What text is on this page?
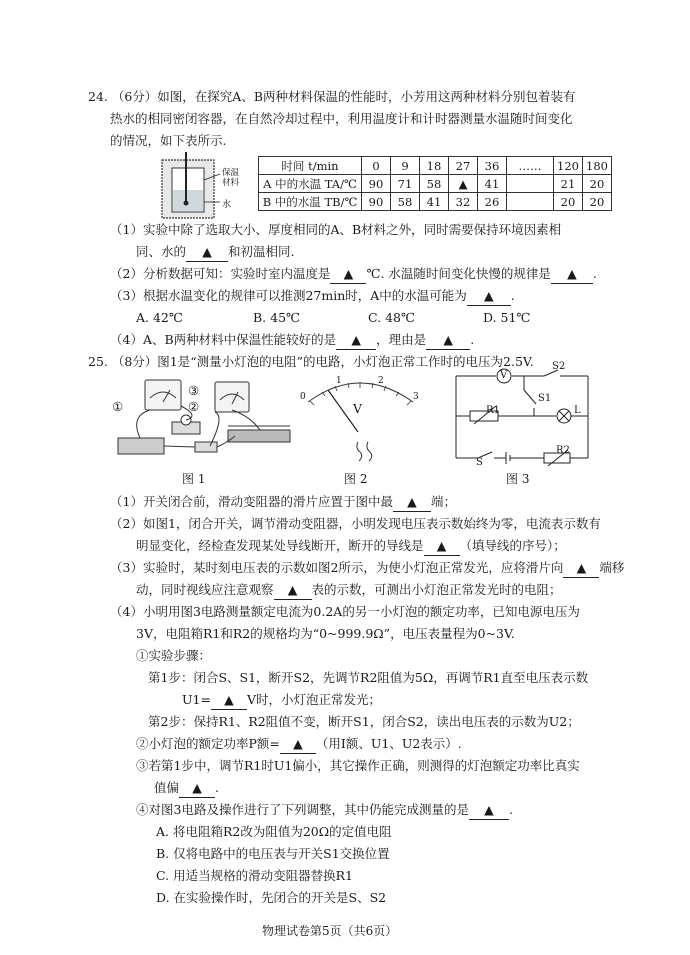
24. （6分）如图，在探究A、B两种材料保温的性能时，小芳用这两种材料分别包着装有
热水的相同密闭容器，在自然冷却过程中，利用温度计和计时器测量水温随时间变化
的情况，如下表所示.
保温材料
水
时间 t/min	0	9	18	27	36	……	120	180
A 中的水温 TA/℃	90	71	58	▲	41		21	20
B 中的水温 TB/℃	90	58	41	32	26		20	20
（1）实验中除了选取大小、厚度相同的A、B材料之外，同时需要保持环境因素相
同、水的 ▲ 和初温相同.
（2）分析数据可知：实验时室内温度是 ▲ ℃. 水温随时间变化快慢的规律是 ▲ .
（3）根据水温变化的规律可以推测27min时，A中的水温可能为 ▲ .
A. 42℃	B. 45℃	C. 48℃	D. 51℃
（4）A、B两种材料中保温性能较好的是 ▲ ，理由是 ▲ .
25. （8分）图1是“测量小灯泡的电阻”的电路，小灯泡正常工作时的电压为2.5V.
①
③
②
图 1
0
1	2
3
V
图 2
V
S2
S1
R1	L
R2
S
图 3
（1）开关闭合前，滑动变阻器的滑片应置于图中最 ▲ 端；
（2）如图1，闭合开关，调节滑动变阻器，小明发现电压表示数始终为零，电流表示数有
明显变化，经检查发现某处导线断开，断开的导线是 ▲ （填导线的序号）；
（3）实验时，某时刻电压表的示数如图2所示，为使小灯泡正常发光，应将滑片向 ▲ 端移
动，同时视线应注意观察 ▲ 表的示数，可测出小灯泡正常发光时的电阻；
（4）小明用图3电路测量额定电流为0.2A的另一小灯泡的额定功率，已知电源电压为
3V，电阻箱R1和R2的规格均为“0~999.9Ω”，电压表量程为0~3V.
①实验步骤：
第1步：闭合S、S1，断开S2，先调节R2阻值为5Ω，再调节R1直至电压表示数
U1= ▲ V时，小灯泡正常发光；
第2步：保持R1、R2阻值不变，断开S1，闭合S2，读出电压表的示数为U2；
②小灯泡的额定功率P额= ▲ （用I额、U1、U2表示）.
③若第1步中，调节R1时U1偏小，其它操作正确，则测得的灯泡额定功率比真实
值偏 ▲ .
④对图3电路及操作进行了下列调整，其中仍能完成测量的是 ▲ .
A. 将电阻箱R2改为阻值为20Ω的定值电阻
B. 仅将电路中的电压表与开关S1交换位置
C. 用适当规格的滑动变阻器替换R1
D. 在实验操作时，先闭合的开关是S、S2
物理试卷第5页（共6页）
